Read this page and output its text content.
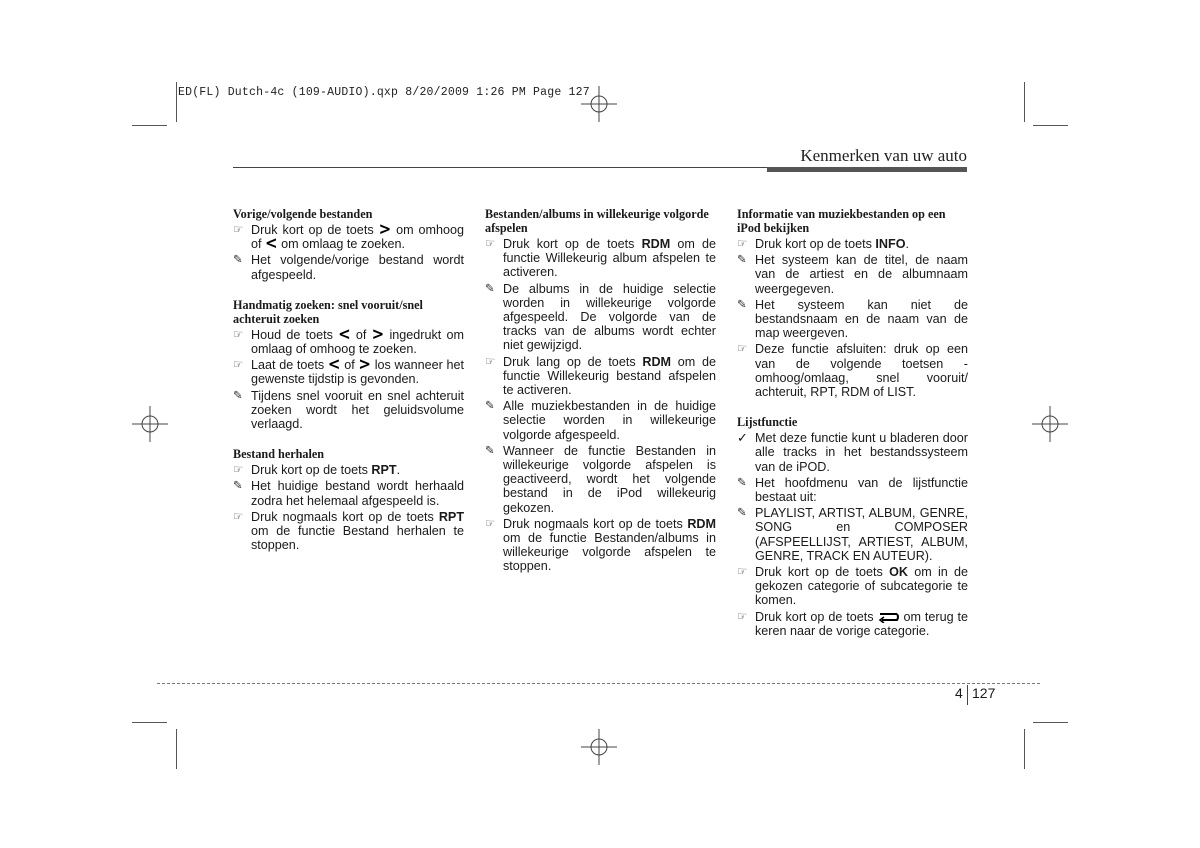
ED(FL) Dutch-4c (109-AUDIO).qxp 8/20/2009 1:26 PM Page 127
Kenmerken van uw auto
Vorige/volgende bestanden
☞ Druk kort op de toets > om omhoog of < om omlaag te zoeken.
✎ Het volgende/vorige bestand wordt afgespeeld.
Handmatig zoeken: snel vooruit/snel achteruit zoeken
☞ Houd de toets < of > ingedrukt om omlaag of omhoog te zoeken.
☞ Laat de toets < of > los wanneer het gewenste tijdstip is gevonden.
✎ Tijdens snel vooruit en snel achteruit zoeken wordt het geluidsvolume verlaagd.
Bestand herhalen
☞ Druk kort op de toets RPT.
✎ Het huidige bestand wordt herhaald zodra het helemaal afgespeeld is.
☞ Druk nogmaals kort op de toets RPT om de functie Bestand herhalen te stoppen.
Bestanden/albums in willekeurige volgorde afspelen
☞ Druk kort op de toets RDM om de functie Willekeurig album afspelen te activeren.
✎ De albums in de huidige selectie worden in willekeurige volgorde afgespeeld. De volgorde van de tracks van de albums wordt echter niet gewijzigd.
☞ Druk lang op de toets RDM om de functie Willekeurig bestand afspelen te activeren.
✎ Alle muziekbestanden in de huidige selectie worden in willekeurige volgorde afgespeeld.
✎ Wanneer de functie Bestanden in willekeurige volgorde afspelen is geactiveerd, wordt het volgende bestand in de iPod willekeurig gekozen.
☞ Druk nogmaals kort op de toets RDM om de functie Bestanden/albums in willekeurige volgorde afspelen te stoppen.
Informatie van muziekbestanden op een iPod bekijken
☞ Druk kort op de toets INFO.
✎ Het systeem kan de titel, de naam van de artiest en de albumnaam weergegeven.
✎ Het systeem kan niet de bestandsnaam en de naam van de map weergeven.
☞ Deze functie afsluiten: druk op een van de volgende toetsen - omhoog/omlaag, snel vooruit/ achteruit, RPT, RDM of LIST.
Lijstfunctie
✓ Met deze functie kunt u bladeren door alle tracks in het bestandssysteem van de iPOD.
✎ Het hoofdmenu van de lijstfunctie bestaat uit:
✎ PLAYLIST, ARTIST, ALBUM, GENRE, SONG en COMPOSER (AFSPEELLIJST, ARTIEST, ALBUM, GENRE, TRACK EN AUTEUR).
☞ Druk kort op de toets OK om in de gekozen categorie of subcategorie te komen.
☞ Druk kort op de toets om terug te keren naar de vorige categorie.
4 127
